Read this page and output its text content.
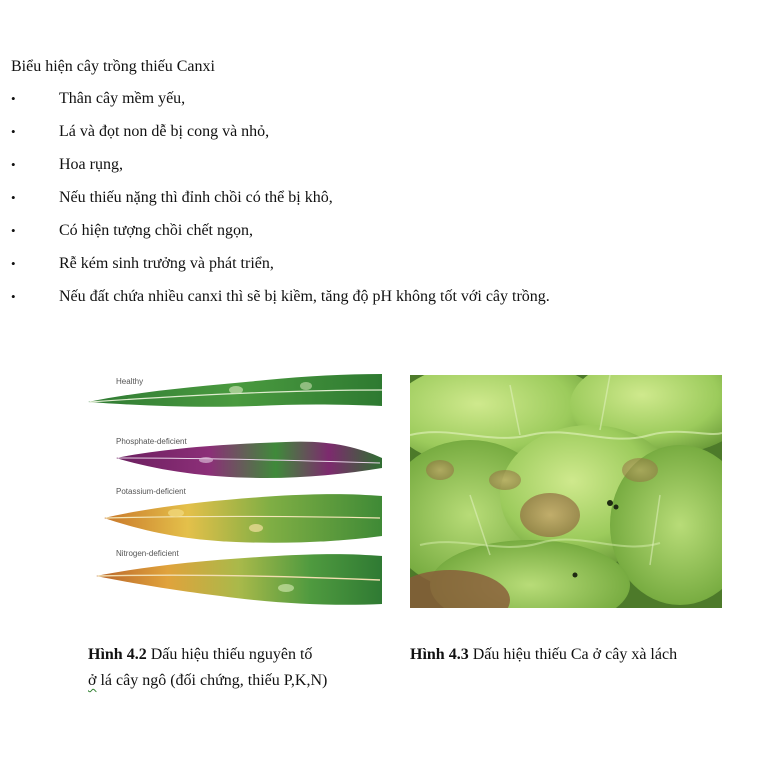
Biểu hiện cây trồng thiếu Canxi
•	Thân cây mềm yếu,
•	Lá và đọt non dễ bị cong và nhỏ,
•	Hoa rụng,
•	Nếu thiếu nặng thì đỉnh chồi có thể bị khô,
•	Có hiện tượng chồi chết ngọn,
•	Rễ kém sinh trưởng và phát triển,
•	Nếu đất chứa nhiều canxi thì sẽ bị kiềm, tăng độ pH không tốt với cây trồng.
Healthy
Phosphate-deficient
Potassium-deficient
Nitrogen-deficient
Hình 4.2 Dấu hiệu thiếu nguyên tố
ở lá cây ngô (đối chứng, thiếu P,K,N)
Hình 4.3 Dấu hiệu thiếu Ca ở cây xà lách
